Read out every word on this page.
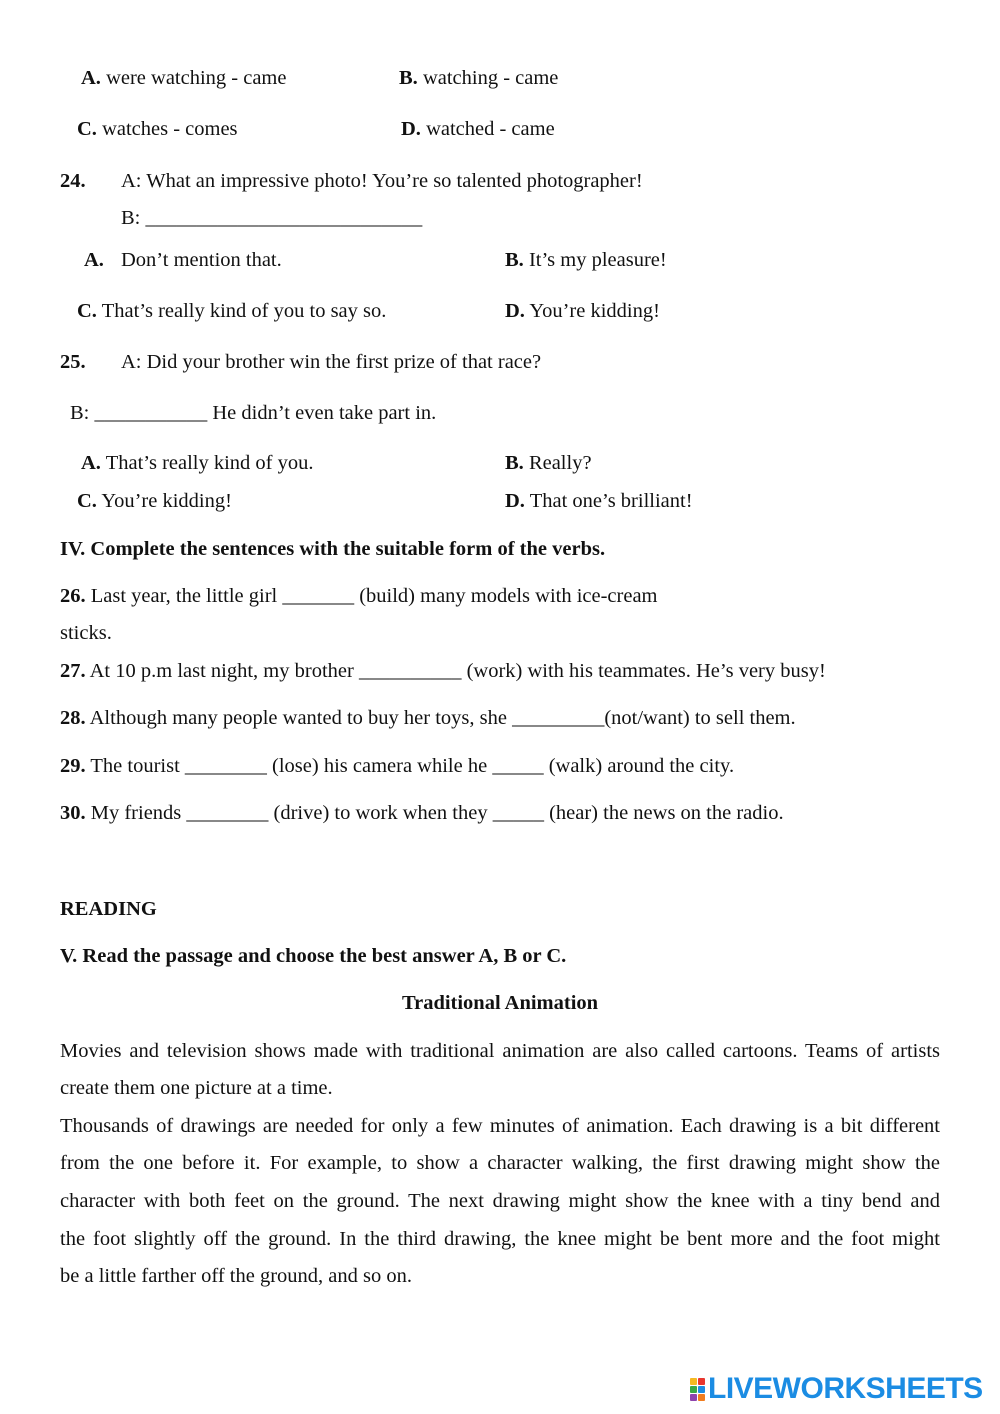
A. were watching - came	B. watching - came
C. watches - comes	D. watched - came
24. A: What an impressive photo! You’re so talented photographer!
B: ___________________________
A. Don’t mention that.	B. It’s my pleasure!
C. That’s really kind of you to say so.	D. You’re kidding!
25. A: Did your brother win the first prize of that race?
B: ___________ He didn’t even take part in.
A. That’s really kind of you.	B. Really?
C. You’re kidding!	D. That one’s brilliant!
IV. Complete the sentences with the suitable form of the verbs.
26. Last year, the little girl _______ (build) many models with ice-cream
sticks.
27. At 10 p.m last night, my brother __________ (work) with his teammates. He’s very busy!
28. Although many people wanted to buy her toys, she _________(not/want) to sell them.
29. The tourist ________ (lose) his camera while he _____ (walk) around the city.
30. My friends ________ (drive) to work when they _____ (hear) the news on the radio.
READING
V. Read the passage and choose the best answer A, B or C.
Traditional Animation
Movies and television shows made with traditional animation are also called cartoons. Teams of artists
create them one picture at a time.
Thousands of drawings are needed for only a few minutes of animation. Each drawing is a bit different
from the one before it. For example, to show a character walking, the first drawing might show the
character with both feet on the ground. The next drawing might show the knee with a tiny bend and
the foot slightly off the ground. In the third drawing, the knee might be bent more and the foot might
be a little farther off the ground, and so on.
LIVEWORKSHEETS
